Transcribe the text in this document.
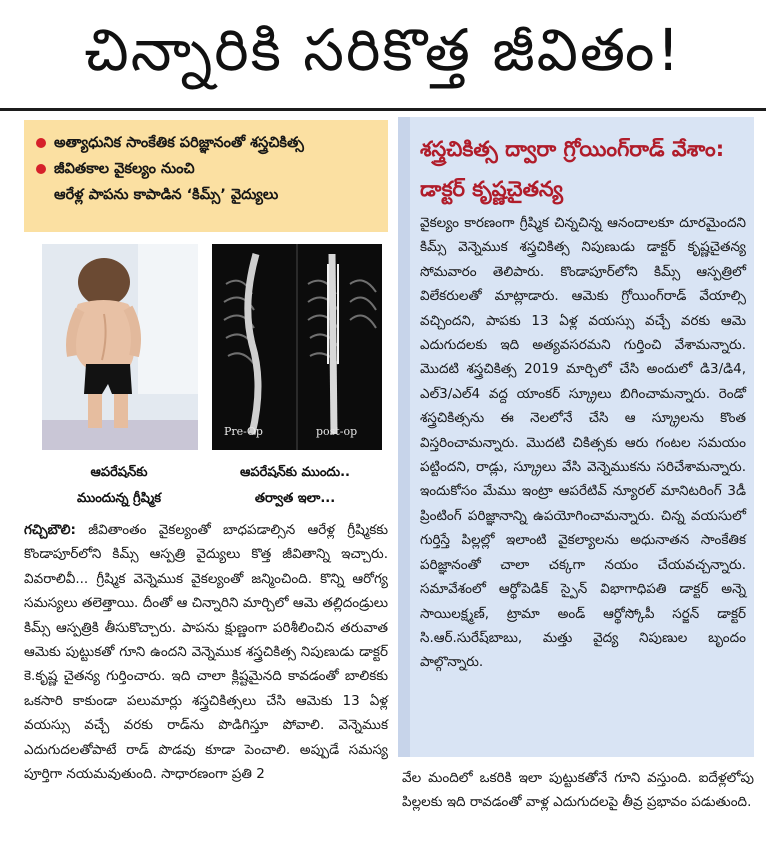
చిన్నారికి సరికొత్త జీవితం!
అత్యాధునిక సాంకేతిక పరిజ్ఞానంతో శస్త్రచికిత్స
జీవితకాల వైకల్యం నుంచి
ఆరేళ్ల పాపను కాపాడిన ‘కిమ్స్’ వైద్యులు
Pre-Op	post-op
ఆపరేషన్‌కు
ముందున్న గ్రీష్మిక
ఆపరేషన్‌కు ముందు..
తర్వాత ఇలా...
గచ్చిబౌలి: జీవితాంతం వైకల్యంతో బాధపడాల్సిన ఆరేళ్ల గ్రీష్మికకు కొండాపూర్‌లోని కిమ్స్ ఆస్పత్రి వైద్యులు కొత్త జీవితాన్ని ఇచ్చారు. వివరాలివీ... గ్రీష్మిక వెన్నెముక వైకల్యంతో జన్మించింది. కొన్ని ఆరోగ్య సమస్యలు తలెత్తాయి. దీంతో ఆ చిన్నారిని మార్చిలో ఆమె తల్లిదండ్రులు కిమ్స్ ఆస్పత్రికి తీసుకొచ్చారు. పాపను క్షుణ్ణంగా పరిశీలించిన తరువాత ఆమెకు పుట్టుకతో గూని ఉందని వెన్నెముక శస్త్రచికిత్స నిపుణుడు డాక్టర్ కె.కృష్ణ చైతన్య గుర్తించారు. ఇది చాలా క్లిష్టమైనది కావడంతో బాలికకు ఒకసారి కాకుండా పలుమార్లు శస్త్రచికిత్సలు చేసి ఆమెకు 13 ఏళ్ల వయస్సు వచ్చే వరకు రాడ్‌ను పొడిగిస్తూ పోవాలి. వెన్నెముక ఎదుగుదలతోపాటే రాడ్ పొడవు కూడా పెంచాలి. అప్పుడే సమస్య పూర్తిగా నయమవుతుంది. సాధారణంగా ప్రతి 2
శస్త్రచికిత్స ద్వారా గ్రోయింగ్‌రాడ్ వేశాం: డాక్టర్ కృష్ణచైతన్య
వైకల్యం కారణంగా గ్రీష్మిక చిన్నచిన్న ఆనందాలకూ దూరమైందని కిమ్స్ వెన్నెముక శస్త్రచికిత్స నిపుణుడు డాక్టర్ కృష్ణచైతన్య సోమవారం తెలిపారు. కొండాపూర్‌లోని కిమ్స్ ఆస్పత్రిలో విలేకరులతో మాట్లాడారు. ఆమెకు గ్రోయింగ్‌రాడ్ వేయాల్సి వచ్చిందని, పాపకు 13 ఏళ్ల వయస్సు వచ్చే వరకు ఆమె ఎదుగుదలకు ఇది అత్యవసరమని గుర్తించి వేశామన్నారు. మొదటి శస్త్రచికిత్స 2019 మార్చిలో చేసి అందులో డి3/డి4, ఎల్3/ఎల్4 వద్ద యాంకర్ స్క్రూలు బిగించామన్నారు. రెండో శస్త్రచికిత్సను ఈ నెలలోనే చేసి ఆ స్క్రూలను కొంత విస్తరించామన్నారు. మొదటి చికిత్సకు ఆరు గంటల సమయం పట్టిందని, రాడ్లు, స్క్రూలు వేసి వెన్నెముకను సరిచేశామన్నారు. ఇందుకోసం మేము ఇంట్రా ఆపరేటివ్ న్యూరల్ మానిటరింగ్ 3డీ ప్రింటింగ్ పరిజ్ఞానాన్ని ఉపయోగించామన్నారు. చిన్న వయసులో గుర్తిస్తే పిల్లల్లో ఇలాంటి వైకల్యాలను అధునాతన సాంకేతిక పరిజ్ఞానంతో చాలా చక్కగా నయం చేయవచ్చన్నారు. సమావేశంలో ఆర్థోపెడిక్ స్పైన్ విభాగాధిపతి డాక్టర్ అన్నె సాయిలక్ష్మణ్, ట్రామా అండ్ ఆర్థోస్కోపీ సర్జన్ డాక్టర్ సి.ఆర్.సురేష్‌బాబు, మత్తు వైద్య నిపుణుల బృందం పాల్గొన్నారు.
వేల మందిలో ఒకరికి ఇలా పుట్టుకతోనే గూని వస్తుంది. ఐదేళ్లలోపు పిల్లలకు ఇది రావడంతో వాళ్ల ఎదుగుదలపై తీవ్ర ప్రభావం పడుతుంది.
